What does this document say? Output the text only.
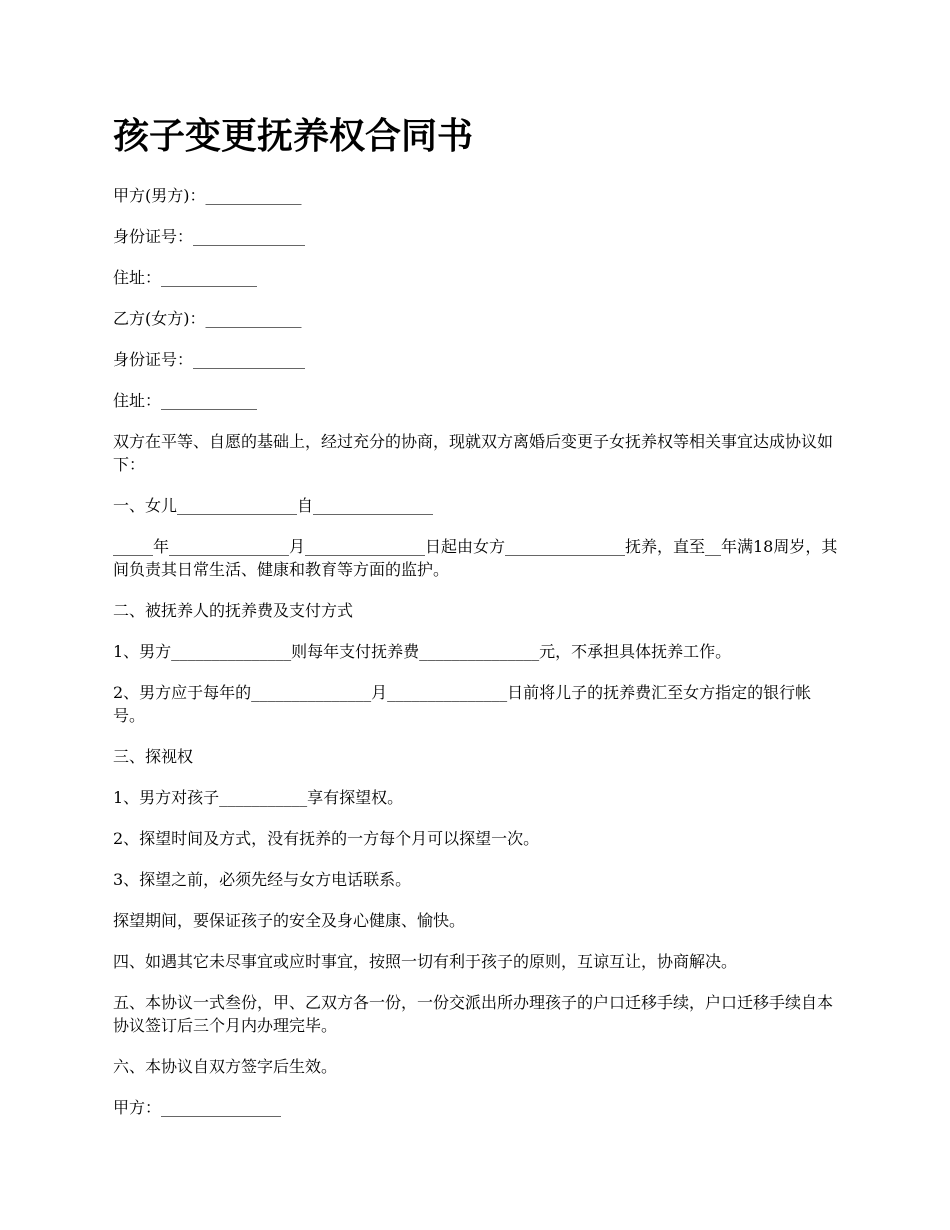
孩子变更抚养权合同书

甲方(男方)：____________

身份证号：______________

住址：____________

乙方(女方)：____________

身份证号：______________

住址：____________

双方在平等、自愿的基础上，经过充分的协商，现就双方离婚后变更子女抚养权等相关事宜达成协议如下：

一、女儿_______________自_______________

_____年_______________月_______________日起由女方_______________抚养，直至__年满18周岁，其间负责其日常生活、健康和教育等方面的监护。

二、被抚养人的抚养费及支付方式

1、男方_______________则每年支付抚养费_______________元，不承担具体抚养工作。

2、男方应于每年的_______________月_______________日前将儿子的抚养费汇至女方指定的银行帐号。

三、探视权

1、男方对孩子___________享有探望权。

2、探望时间及方式，没有抚养的一方每个月可以探望一次。

3、探望之前，必须先经与女方电话联系。

探望期间，要保证孩子的安全及身心健康、愉快。

四、如遇其它未尽事宜或应时事宜，按照一切有利于孩子的原则，互谅互让，协商解决。

五、本协议一式叁份，甲、乙双方各一份，一份交派出所办理孩子的户口迁移手续，户口迁移手续自本协议签订后三个月内办理完毕。

六、本协议自双方签字后生效。

甲方：_______________
